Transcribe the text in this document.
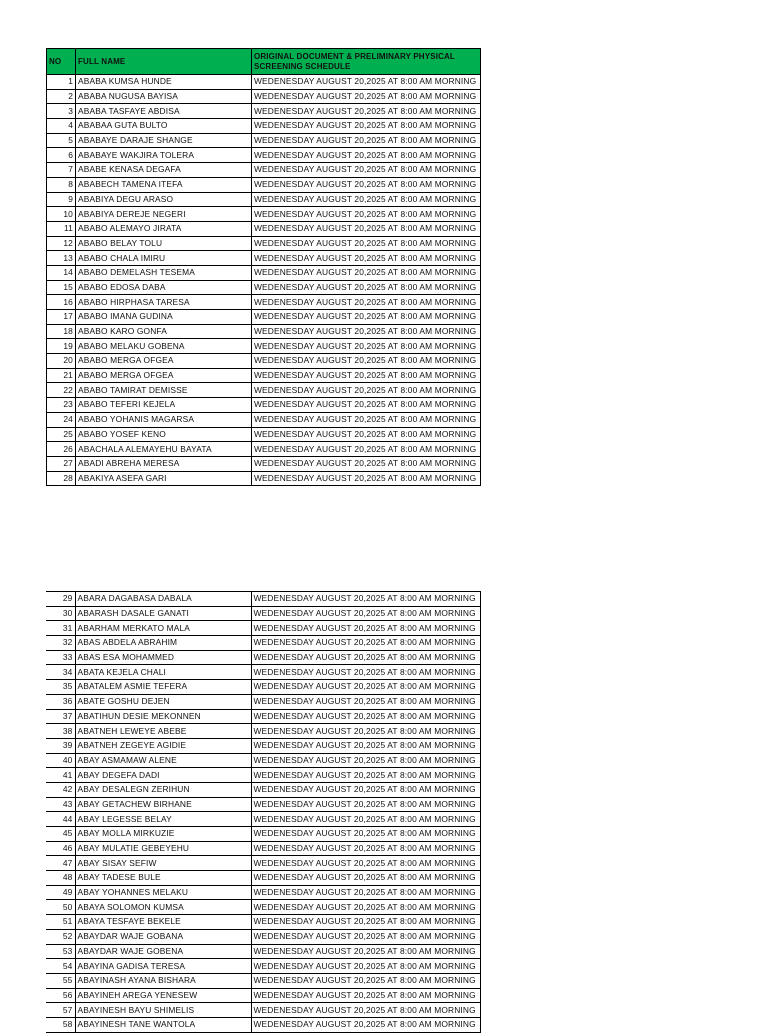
NO	FULL NAME	ORIGINAL DOCUMENT & PRELIMINARY PHYSICAL SCREENING SCHEDULE
1	ABABA KUMSA HUNDE	WEDENESDAY AUGUST 20,2025 AT 8:00 AM MORNING
2	ABABA NUGUSA BAYISA	WEDENESDAY AUGUST 20,2025 AT 8:00 AM MORNING
3	ABABA TASFAYE ABDISA	WEDENESDAY AUGUST 20,2025 AT 8:00 AM MORNING
4	ABABAA GUTA BULTO	WEDENESDAY AUGUST 20,2025 AT 8:00 AM MORNING
5	ABABAYE DARAJE SHANGE	WEDENESDAY AUGUST 20,2025 AT 8:00 AM MORNING
6	ABABAYE WAKJIRA TOLERA	WEDENESDAY AUGUST 20,2025 AT 8:00 AM MORNING
7	ABABE KENASA DEGAFA	WEDENESDAY AUGUST 20,2025 AT 8:00 AM MORNING
8	ABABECH TAMENA ITEFA	WEDENESDAY AUGUST 20,2025 AT 8:00 AM MORNING
9	ABABIYA DEGU ARASO	WEDENESDAY AUGUST 20,2025 AT 8:00 AM MORNING
10	ABABIYA DEREJE NEGERI	WEDENESDAY AUGUST 20,2025 AT 8:00 AM MORNING
11	ABABO ALEMAYO JIRATA	WEDENESDAY AUGUST 20,2025 AT 8:00 AM MORNING
12	ABABO BELAY TOLU	WEDENESDAY AUGUST 20,2025 AT 8:00 AM MORNING
13	ABABO CHALA IMIRU	WEDENESDAY AUGUST 20,2025 AT 8:00 AM MORNING
14	ABABO DEMELASH TESEMA	WEDENESDAY AUGUST 20,2025 AT 8:00 AM MORNING
15	ABABO EDOSA DABA	WEDENESDAY AUGUST 20,2025 AT 8:00 AM MORNING
16	ABABO HIRPHASA TARESA	WEDENESDAY AUGUST 20,2025 AT 8:00 AM MORNING
17	ABABO IMANA GUDINA	WEDENESDAY AUGUST 20,2025 AT 8:00 AM MORNING
18	ABABO KARO GONFA	WEDENESDAY AUGUST 20,2025 AT 8:00 AM MORNING
19	ABABO MELAKU GOBENA	WEDENESDAY AUGUST 20,2025 AT 8:00 AM MORNING
20	ABABO MERGA OFGEA	WEDENESDAY AUGUST 20,2025 AT 8:00 AM MORNING
21	ABABO MERGA OFGEA	WEDENESDAY AUGUST 20,2025 AT 8:00 AM MORNING
22	ABABO TAMIRAT DEMISSE	WEDENESDAY AUGUST 20,2025 AT 8:00 AM MORNING
23	ABABO TEFERI KEJELA	WEDENESDAY AUGUST 20,2025 AT 8:00 AM MORNING
24	ABABO YOHANIS MAGARSA	WEDENESDAY AUGUST 20,2025 AT 8:00 AM MORNING
25	ABABO YOSEF KENO	WEDENESDAY AUGUST 20,2025 AT 8:00 AM MORNING
26	ABACHALA ALEMAYEHU BAYATA	WEDENESDAY AUGUST 20,2025 AT 8:00 AM MORNING
27	ABADI ABREHA MERESA	WEDENESDAY AUGUST 20,2025 AT 8:00 AM MORNING
28	ABAKIYA ASEFA GARI	WEDENESDAY AUGUST 20,2025 AT 8:00 AM MORNING
29	ABARA DAGABASA DABALA	WEDENESDAY AUGUST 20,2025 AT 8:00 AM MORNING
30	ABARASH DASALE GANATI	WEDENESDAY AUGUST 20,2025 AT 8:00 AM MORNING
31	ABARHAM MERKATO MALA	WEDENESDAY AUGUST 20,2025 AT 8:00 AM MORNING
32	ABAS ABDELA ABRAHIM	WEDENESDAY AUGUST 20,2025 AT 8:00 AM MORNING
33	ABAS ESA MOHAMMED	WEDENESDAY AUGUST 20,2025 AT 8:00 AM MORNING
34	ABATA KEJELA CHALI	WEDENESDAY AUGUST 20,2025 AT 8:00 AM MORNING
35	ABATALEM ASMIE TEFERA	WEDENESDAY AUGUST 20,2025 AT 8:00 AM MORNING
36	ABATE GOSHU DEJEN	WEDENESDAY AUGUST 20,2025 AT 8:00 AM MORNING
37	ABATIHUN DESIE MEKONNEN	WEDENESDAY AUGUST 20,2025 AT 8:00 AM MORNING
38	ABATNEH LEWEYE ABEBE	WEDENESDAY AUGUST 20,2025 AT 8:00 AM MORNING
39	ABATNEH ZEGEYE AGIDIE	WEDENESDAY AUGUST 20,2025 AT 8:00 AM MORNING
40	ABAY ASMAMAW ALENE	WEDENESDAY AUGUST 20,2025 AT 8:00 AM MORNING
41	ABAY DEGEFA DADI	WEDENESDAY AUGUST 20,2025 AT 8:00 AM MORNING
42	ABAY DESALEGN ZERIHUN	WEDENESDAY AUGUST 20,2025 AT 8:00 AM MORNING
43	ABAY GETACHEW BIRHANE	WEDENESDAY AUGUST 20,2025 AT 8:00 AM MORNING
44	ABAY LEGESSE BELAY	WEDENESDAY AUGUST 20,2025 AT 8:00 AM MORNING
45	ABAY MOLLA MIRKUZIE	WEDENESDAY AUGUST 20,2025 AT 8:00 AM MORNING
46	ABAY MULATIE GEBEYEHU	WEDENESDAY AUGUST 20,2025 AT 8:00 AM MORNING
47	ABAY SISAY SEFIW	WEDENESDAY AUGUST 20,2025 AT 8:00 AM MORNING
48	ABAY TADESE BULE	WEDENESDAY AUGUST 20,2025 AT 8:00 AM MORNING
49	ABAY YOHANNES MELAKU	WEDENESDAY AUGUST 20,2025 AT 8:00 AM MORNING
50	ABAYA SOLOMON KUMSA	WEDENESDAY AUGUST 20,2025 AT 8:00 AM MORNING
51	ABAYA TESFAYE BEKELE	WEDENESDAY AUGUST 20,2025 AT 8:00 AM MORNING
52	ABAYDAR WAJE GOBANA	WEDENESDAY AUGUST 20,2025 AT 8:00 AM MORNING
53	ABAYDAR WAJE GOBENA	WEDENESDAY AUGUST 20,2025 AT 8:00 AM MORNING
54	ABAYINA GADISA TERESA	WEDENESDAY AUGUST 20,2025 AT 8:00 AM MORNING
55	ABAYINASH AYANA BISHARA	WEDENESDAY AUGUST 20,2025 AT 8:00 AM MORNING
56	ABAYINEH AREGA YENESEW	WEDENESDAY AUGUST 20,2025 AT 8:00 AM MORNING
57	ABAYINESH BAYU SHIMELIS	WEDENESDAY AUGUST 20,2025 AT 8:00 AM MORNING
58	ABAYINESH TANE WANTOLA	WEDENESDAY AUGUST 20,2025 AT 8:00 AM MORNING
